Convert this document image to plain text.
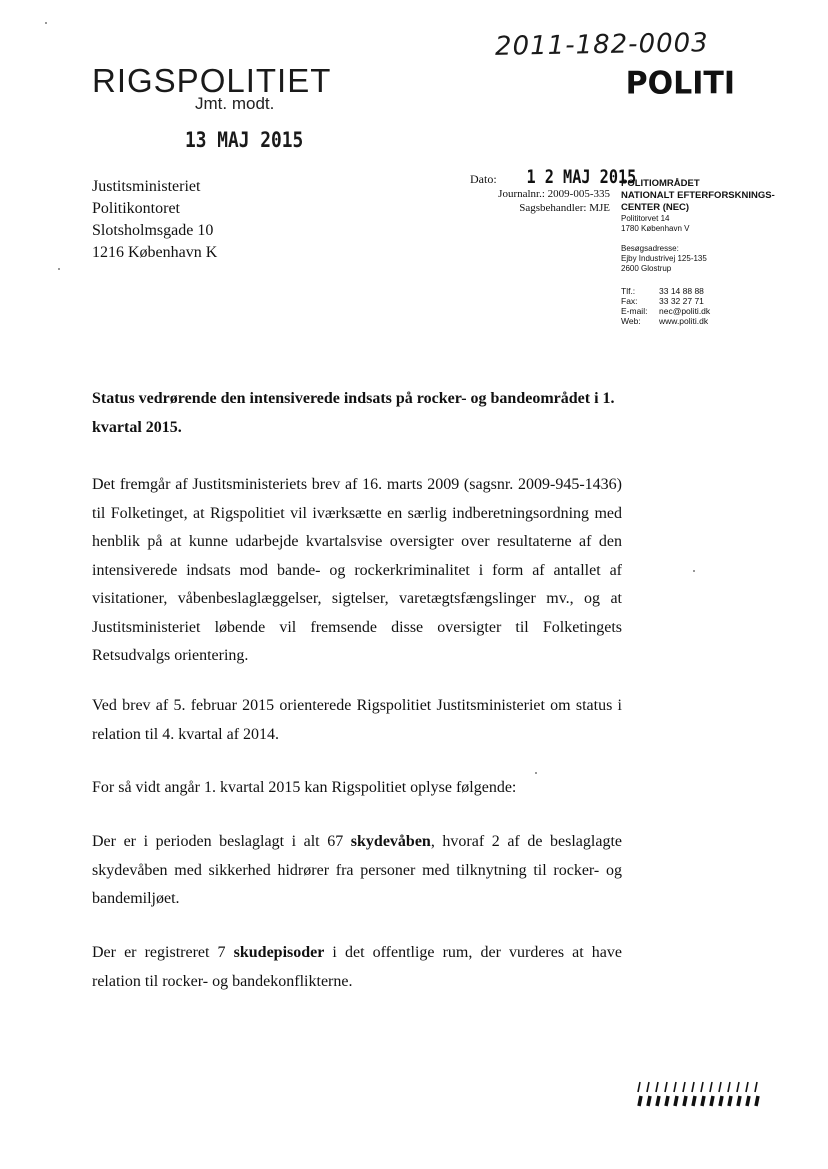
2011-182-0003
RIGSPOLITIET
Jmt. modt.
13 MAJ 2015
POLITI
Justitsministeriet
Politikontoret
Slotsholmsgade 10
1216 København K
Dato: 1 2 MAJ 2015
Journalnr.: 2009-005-335
Sagsbehandler: MJE
POLITIOMRÅDET
NATIONALT EFTERFORSKNINGS-
CENTER (NEC)
Polititorvet 14
1780 København V
Besøgsadresse:
Ejby Industrivej 125-135
2600 Glostrup
Tlf.:	33 14 88 88
Fax:	33 32 27 71
E-mail:	nec@politi.dk
Web:	www.politi.dk
Status vedrørende den intensiverede indsats på rocker- og bandeområdet i 1. kvartal 2015.
Det fremgår af Justitsministeriets brev af 16. marts 2009 (sagsnr. 2009-945-1436) til Folketinget, at Rigspolitiet vil iværksætte en særlig indberetningsordning med henblik på at kunne udarbejde kvartalsvise oversigter over resultaterne af den intensiverede indsats mod bande- og rockerkriminalitet i form af antallet af visitationer, våbenbeslaglæggelser, sigtelser, varetægtsfængslinger mv., og at Justitsministeriet løbende vil fremsende disse oversigter til Folketingets Retsudvalgs orientering.
Ved brev af 5. februar 2015 orienterede Rigspolitiet Justitsministeriet om status i relation til 4. kvartal af 2014.
For så vidt angår 1. kvartal 2015 kan Rigspolitiet oplyse følgende:
Der er i perioden beslaglagt i alt 67 skydevåben, hvoraf 2 af de beslaglagte skydevåben med sikkerhed hidrører fra personer med tilknytning til rocker- og bandemiljøet.
Der er registreret 7 skudepisoder i det offentlige rum, der vurderes at have relation til rocker- og bandekonflikterne.
